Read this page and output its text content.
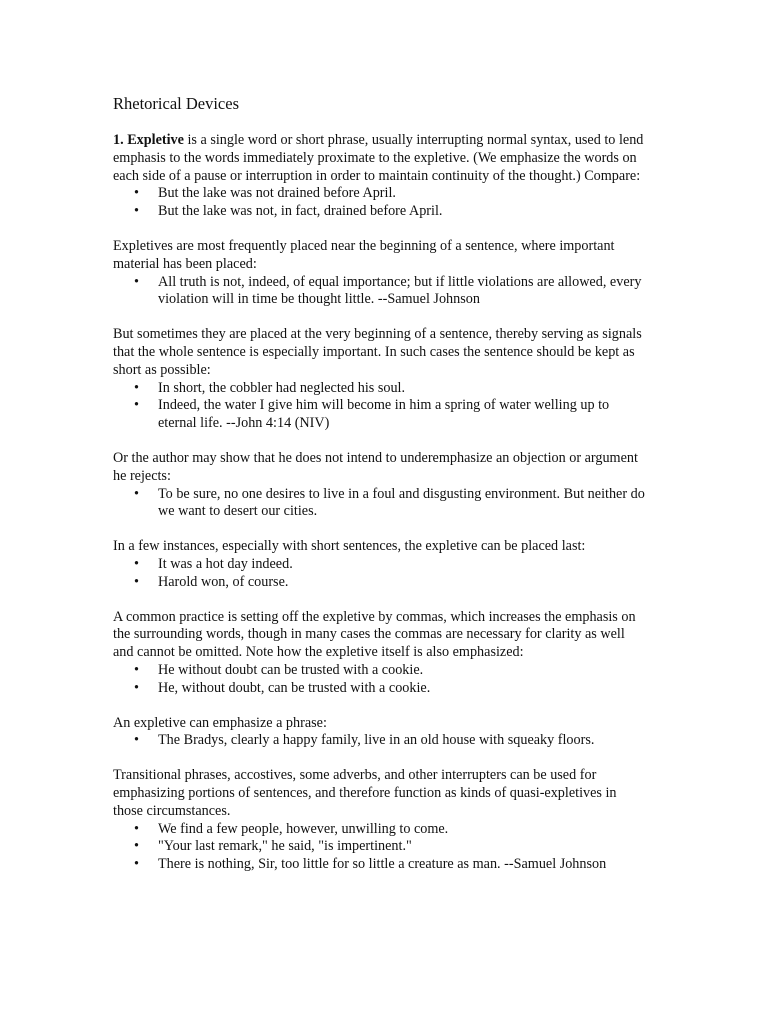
Rhetorical Devices

1. Expletive is a single word or short phrase, usually interrupting normal syntax, used to lend emphasis to the words immediately proximate to the expletive. (We emphasize the words on each side of a pause or interruption in order to maintain continuity of the thought.) Compare:

• But the lake was not drained before April.
• But the lake was not, in fact, drained before April.

Expletives are most frequently placed near the beginning of a sentence, where important material has been placed:

• All truth is not, indeed, of equal importance; but if little violations are allowed, every violation will in time be thought little. --Samuel Johnson

But sometimes they are placed at the very beginning of a sentence, thereby serving as signals that the whole sentence is especially important. In such cases the sentence should be kept as short as possible:

• In short, the cobbler had neglected his soul.
• Indeed, the water I give him will become in him a spring of water welling up to eternal life. --John 4:14 (NIV)

Or the author may show that he does not intend to underemphasize an objection or argument he rejects:

• To be sure, no one desires to live in a foul and disgusting environment. But neither do we want to desert our cities.

In a few instances, especially with short sentences, the expletive can be placed last:

• It was a hot day indeed.
• Harold won, of course.

A common practice is setting off the expletive by commas, which increases the emphasis on the surrounding words, though in many cases the commas are necessary for clarity as well and cannot be omitted. Note how the expletive itself is also emphasized:

• He without doubt can be trusted with a cookie.
• He, without doubt, can be trusted with a cookie.

An expletive can emphasize a phrase:

• The Bradys, clearly a happy family, live in an old house with squeaky floors.

Transitional phrases, accostives, some adverbs, and other interrupters can be used for emphasizing portions of sentences, and therefore function as kinds of quasi-expletives in those circumstances.

• We find a few people, however, unwilling to come.
• "Your last remark," he said, "is impertinent."
• There is nothing, Sir, too little for so little a creature as man. --Samuel Johnson
